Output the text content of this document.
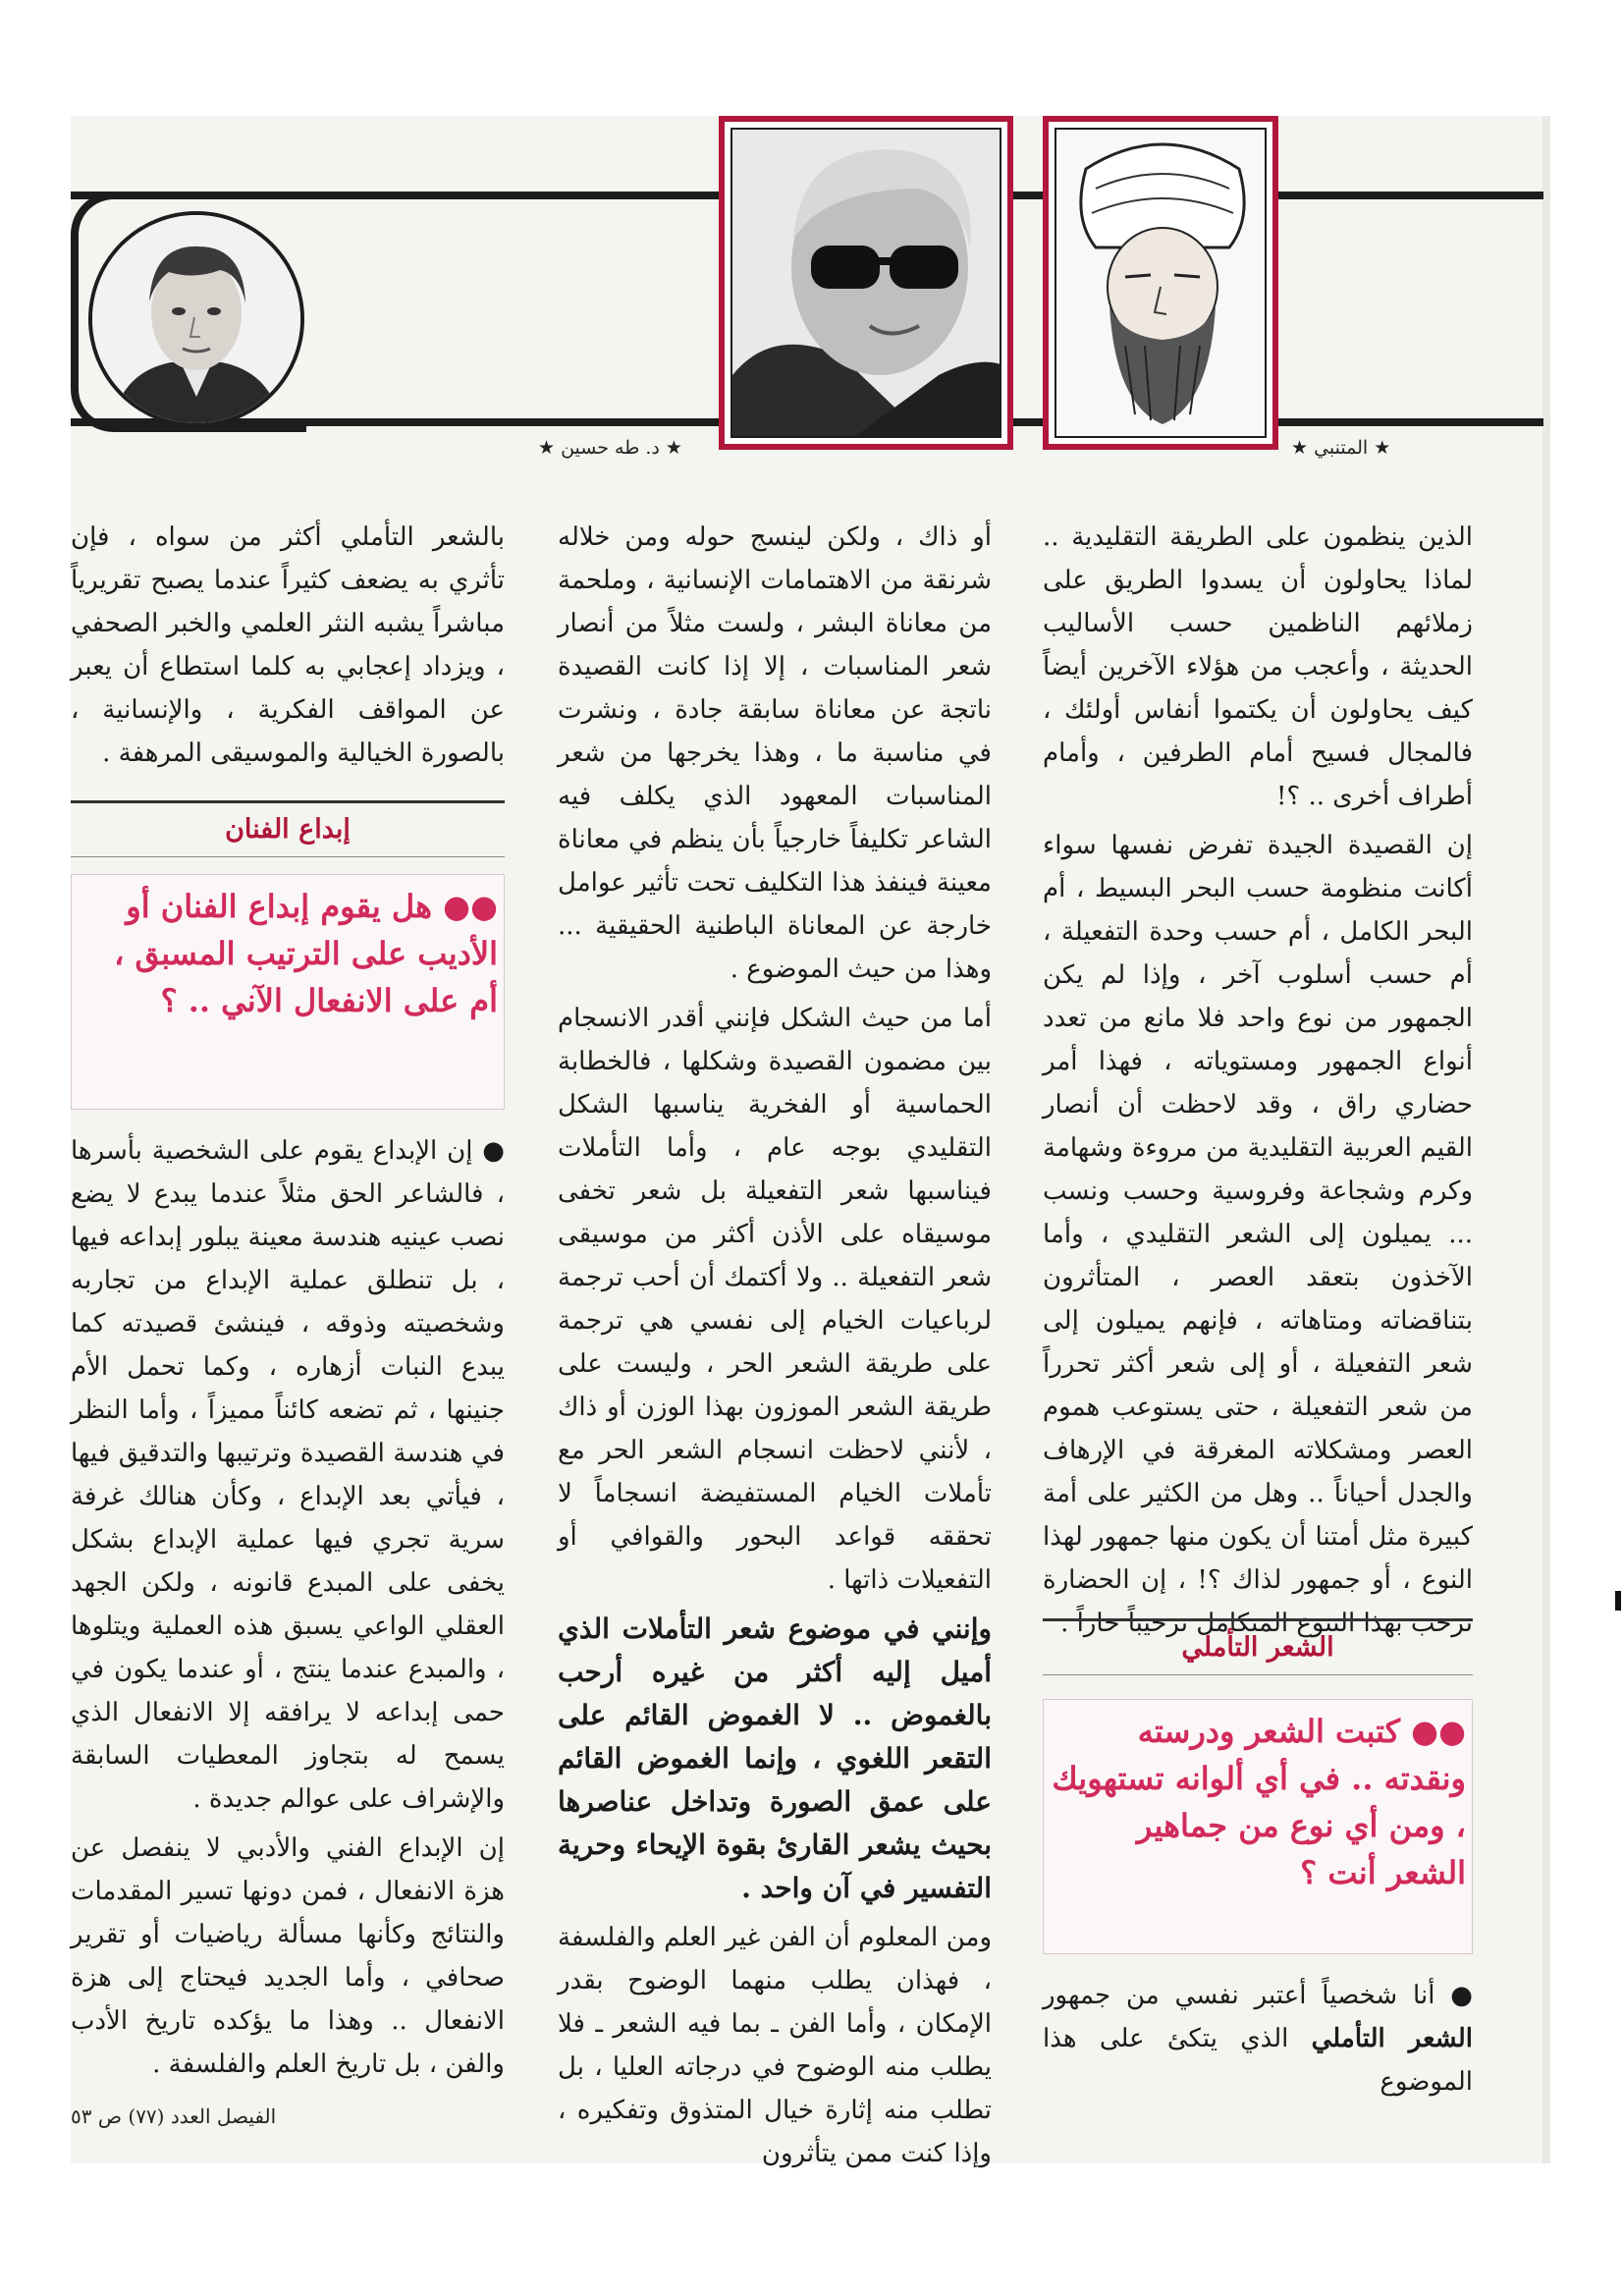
★ المتنبي ★
★ د. طه حسين ★

الذين ينظمون على الطريقة التقليدية .. لماذا يحاولون أن يسدوا الطريق على زملائهم الناظمين حسب الأساليب الحديثة ، وأعجب من هؤلاء الآخرين أيضاً كيف يحاولون أن يكتموا أنفاس أولئك ، فالمجال فسيح أمام الطرفين ، وأمام أطراف أخرى .. ؟!

إن القصيدة الجيدة تفرض نفسها سواء أكانت منظومة حسب البحر البسيط ، أم البحر الكامل ، أم حسب وحدة التفعيلة ، أم حسب أسلوب آخر ، وإذا لم يكن الجمهور من نوع واحد فلا مانع من تعدد أنواع الجمهور ومستوياته ، فهذا أمر حضاري راق ، وقد لاحظت أن أنصار القيم العربية التقليدية من مروءة وشهامة وكرم وشجاعة وفروسية وحسب ونسب ... يميلون إلى الشعر التقليدي ، وأما الآخذون بتعقد العصر ، المتأثرون بتناقضاته ومتاهاته ، فإنهم يميلون إلى شعر التفعيلة ، أو إلى شعر أكثر تحرراً من شعر التفعيلة ، حتى يستوعب هموم العصر ومشكلاته المغرقة في الإرهاف والجدل أحياناً .. وهل من الكثير على أمة كبيرة مثل أمتنا أن يكون منها جمهور لهذا النوع ، أو جمهور لذاك ؟! ، إن الحضارة ترحب بهذا التنوع المتكامل ترحيباً حاراً .

الشعر التأملي
●● كتبت الشعر ودرسته ونقدته .. في أي ألوانه تستهويك ، ومن أي نوع من جماهير الشعر أنت ؟

● أنا شخصياً أعتبر نفسي من جمهور الشعر التأملي الذي يتكئ على هذا الموضوع

أو ذاك ، ولكن لينسج حوله ومن خلاله شرنقة من الاهتمامات الإنسانية ، وملحمة من معاناة البشر ، ولست مثلاً من أنصار شعر المناسبات ، إلا إذا كانت القصيدة ناتجة عن معاناة سابقة جادة ، ونشرت في مناسبة ما ، وهذا يخرجها من شعر المناسبات المعهود الذي يكلف فيه الشاعر تكليفاً خارجياً بأن ينظم في معاناة معينة فينفذ هذا التكليف تحت تأثير عوامل خارجة عن المعاناة الباطنية الحقيقية ... وهذا من حيث الموضوع .

أما من حيث الشكل فإنني أقدر الانسجام بين مضمون القصيدة وشكلها ، فالخطابة الحماسية أو الفخرية يناسبها الشكل التقليدي بوجه عام ، وأما التأملات فيناسبها شعر التفعيلة بل شعر تخفى موسيقاه على الأذن أكثر من موسيقى شعر التفعيلة .. ولا أكتمك أن أحب ترجمة لرباعيات الخيام إلى نفسي هي ترجمة على طريقة الشعر الحر ، وليست على طريقة الشعر الموزون بهذا الوزن أو ذاك ، لأنني لاحظت انسجام الشعر الحر مع تأملات الخيام المستفيضة انسجاماً لا تحققه قواعد البحور والقوافي أو التفعيلات ذاتها .

وإنني في موضوع شعر التأملات الذي أميل إليه أكثر من غيره أرحب بالغموض .. لا الغموض القائم على التقعر اللغوي ، وإنما الغموض القائم على عمق الصورة وتداخل عناصرها بحيث يشعر القارئ بقوة الإيحاء وحرية التفسير في آن واحد .

ومن المعلوم أن الفن غير العلم والفلسفة ، فهذان يطلب منهما الوضوح بقدر الإمكان ، وأما الفن ـ بما فيه الشعر ـ فلا يطلب منه الوضوح في درجاته العليا ، بل تطلب منه إثارة خيال المتذوق وتفكيره ، وإذا كنت ممن يتأثرون

بالشعر التأملي أكثر من سواه ، فإن تأثري به يضعف كثيراً عندما يصبح تقريرياً مباشراً يشبه النثر العلمي والخبر الصحفي ، ويزداد إعجابي به كلما استطاع أن يعبر عن المواقف الفكرية ، والإنسانية ، بالصورة الخيالية والموسيقى المرهفة .

إبداع الفنان
●● هل يقوم إبداع الفنان أو الأديب على الترتيب المسبق ، أم على الانفعال الآني .. ؟

● إن الإبداع يقوم على الشخصية بأسرها ، فالشاعر الحق مثلاً عندما يبدع لا يضع نصب عينيه هندسة معينة يبلور إبداعه فيها ، بل تنطلق عملية الإبداع من تجاربه وشخصيته وذوقه ، فينشئ قصيدته كما يبدع النبات أزهاره ، وكما تحمل الأم جنينها ، ثم تضعه كائناً مميزاً ، وأما النظر في هندسة القصيدة وترتيبها والتدقيق فيها ، فيأتي بعد الإبداع ، وكأن هنالك غرفة سرية تجري فيها عملية الإبداع بشكل يخفى على المبدع قانونه ، ولكن الجهد العقلي الواعي يسبق هذه العملية ويتلوها ، والمبدع عندما ينتج ، أو عندما يكون في حمى إبداعه لا يرافقه إلا الانفعال الذي يسمح له بتجاوز المعطيات السابقة والإشراف على عوالم جديدة .

إن الإبداع الفني والأدبي لا ينفصل عن هزة الانفعال ، فمن دونها تسير المقدمات والنتائج وكأنها مسألة رياضيات أو تقرير صحافي ، وأما الجديد فيحتاج إلى هزة الانفعال .. وهذا ما يؤكده تاريخ الأدب والفن ، بل تاريخ العلم والفلسفة .

الفيصل العدد (٧٧) ص ٥٣
